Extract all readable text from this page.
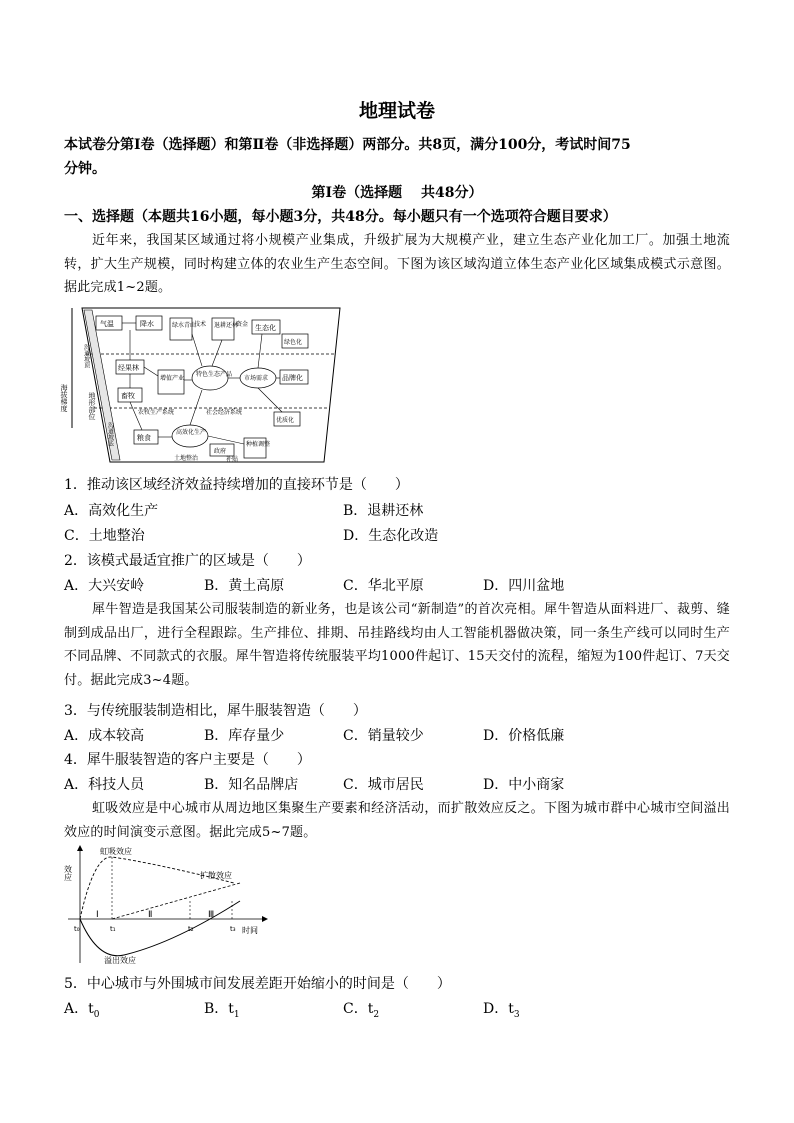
地理试卷
本试卷分第Ⅰ卷（选择题）和第Ⅱ卷（非选择题）两部分。共8页，满分100分，考试时间75
分钟。
第Ⅰ卷（选择题　 共48分）
一、选择题（本题共16小题，每小题3分，共48分。每小题只有一个选项符合题目要求）
近年来，我国某区域通过将小规模产业集成，升级扩展为大规模产业，建立生态产业化加工厂。加强土地流转，扩大生产规模，同时构建立体的农业生产生态空间。下图为该区域沟道立体生态产业化区域集成模式示意图。据此完成1~2题。
海拔梯度
沟道坡顶
沟道坡底
地形部位
气温	降水	绿水青山
技术 退耕还林
资金 生态化
绿色化
经果林
增值产业
特色生态产品
市场需求 品牌化
畜牧
农牧生产系统	社会经济系统
优质化
粮食
高效化生产
政府
种植调整
土地整治	补贴
1．推动该区域经济效益持续增加的直接环节是（　　）
A．高效化生产	B．退耕还林
C．土地整治	D．生态化改造
2．该模式最适宜推广的区域是（　　）
A．大兴安岭	B．黄土高原	C．华北平原	D．四川盆地
犀牛智造是我国某公司服装制造的新业务，也是该公司“新制造”的首次亮相。犀牛智造从面料进厂、裁剪、缝制到成品出厂，进行全程跟踪。生产排位、排期、吊挂路线均由人工智能机器做决策，同一条生产线可以同时生产不同品牌、不同款式的衣服。犀牛智造将传统服装平均1000件起订、15天交付的流程，缩短为100件起订、7天交付。据此完成3~4题。
3．与传统服装制造相比，犀牛服装智造（　　）
A．成本较高	B．库存量少	C．销量较少	D．价格低廉
4．犀牛服装智造的客户主要是（　　）
A．科技人员	B．知名品牌店	C．城市居民	D．中小商家
虹吸效应是中心城市从周边地区集聚生产要素和经济活动，而扩散效应反之。下图为城市群中心城市空间溢出效应的时间演变示意图。据此完成5~7题。
效应
时间
虹吸效应
扩散效应
溢出效应
Ⅰ	Ⅱ	Ⅲ
t₀	t₁	t₂	t₃
5．中心城市与外围城市间发展差距开始缩小的时间是（　　）
A．$t_0$	B．$t_1$	C．$t_2$	D．$t_3$
